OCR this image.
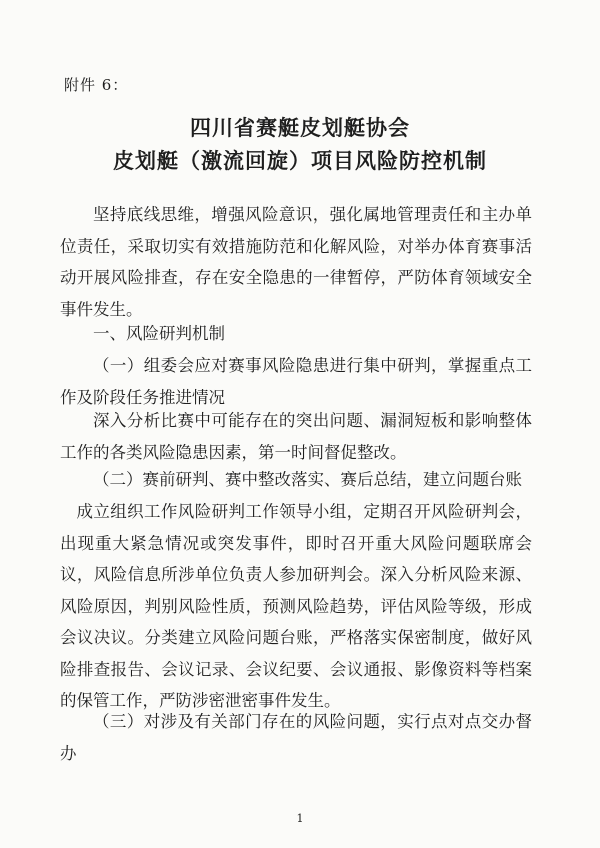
附件 6：
四川省赛艇皮划艇协会
皮划艇（激流回旋）项目风险防控机制
坚持底线思维，增强风险意识，强化属地管理责任和主办单位责任，采取切实有效措施防范和化解风险，对举办体育赛事活动开展风险排查，存在安全隐患的一律暂停，严防体育领域安全事件发生。
一、风险研判机制
（一）组委会应对赛事风险隐患进行集中研判，掌握重点工作及阶段任务推进情况
深入分析比赛中可能存在的突出问题、漏洞短板和影响整体工作的各类风险隐患因素，第一时间督促整改。
（二）赛前研判、赛中整改落实、赛后总结，建立问题台账
成立组织工作风险研判工作领导小组，定期召开风险研判会，出现重大紧急情况或突发事件，即时召开重大风险问题联席会议，风险信息所涉单位负责人参加研判会。深入分析风险来源、风险原因，判别风险性质，预测风险趋势，评估风险等级，形成会议决议。分类建立风险问题台账，严格落实保密制度，做好风险排查报告、会议记录、会议纪要、会议通报、影像资料等档案的保管工作，严防涉密泄密事件发生。
（三）对涉及有关部门存在的风险问题，实行点对点交办督办
1
